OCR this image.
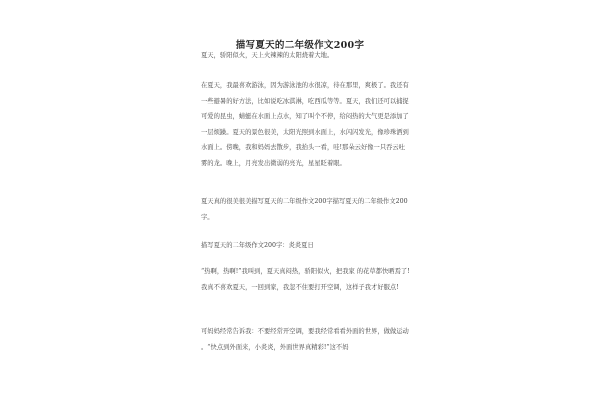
描写夏天的二年级作文200字

夏天，骄阳似火，天上火辣辣的太阳烧着大地。

在夏天，我最喜欢游泳，因为游泳池的水很凉，待在那里，爽极了。我还有一些避暑的好方法，比如说吃冰淇淋，吃西瓜等等。夏天，我们还可以捕捉可爱的昆虫，蜻蜓在水面上点水，知了叫个不停，给闷热的大气更是添加了一层烦躁。夏天的景色很美，太阳光照到水面上，水闪闪发光，像珍珠洒到水面上。傍晚，我和妈妈去散步，我抬头一看，哇!那朵云好像一只吞云吐雾的龙。晚上，月亮发出微弱的亮光，星星眨着眼。

夏天真的很美很美描写夏天的二年级作文200字描写夏天的二年级作文200字。

描写夏天的二年级作文200字：炎炎夏日

“热啊，热啊!”我叫到，夏天真闷热，骄阳似火，把我家 的花草都快晒焉了!我真不喜欢夏天，一回到家，我忽不住要打开空调，这样子我才好服点!

可妈妈经常告诉我：不要经常开空调，要我经常看看外面的世界，做做运动 。“快点到外面来，小炎炎，外面世界真精彩!”这不妈
